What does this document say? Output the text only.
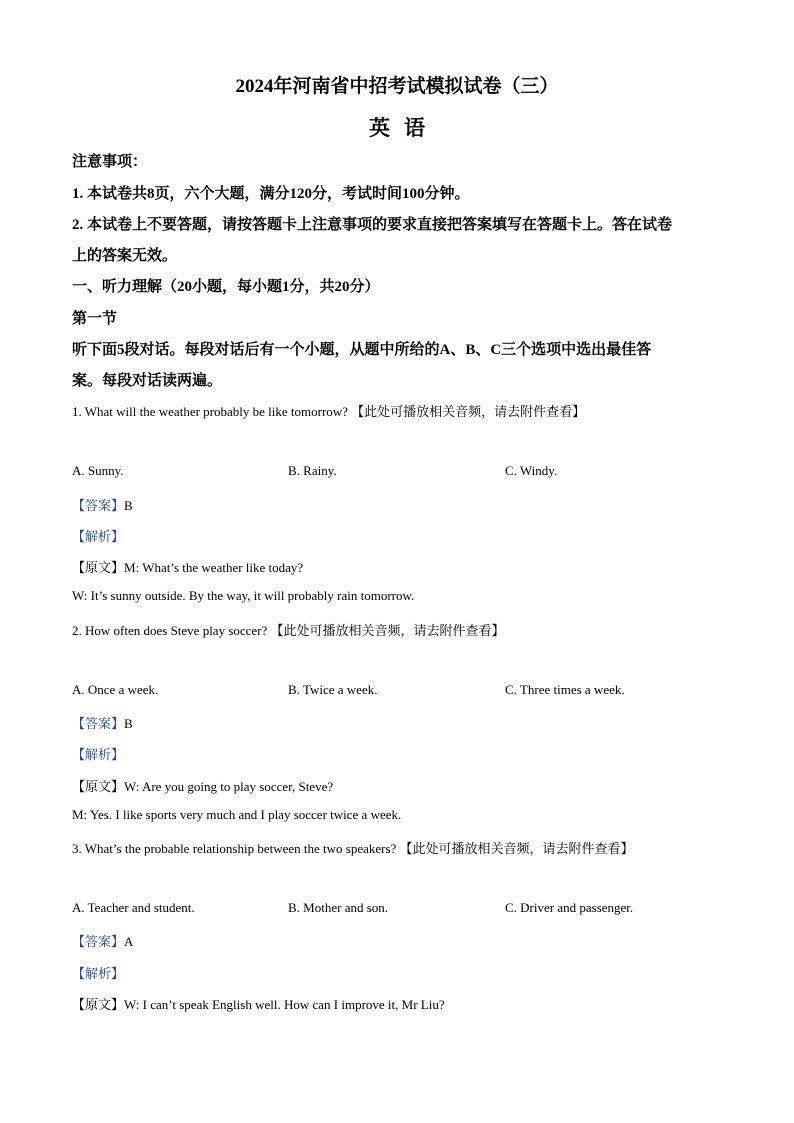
2024年河南省中招考试模拟试卷（三）
英语
注意事项：
1. 本试卷共8页，六个大题，满分120分，考试时间100分钟。
2. 本试卷上不要答题，请按答题卡上注意事项的要求直接把答案填写在答题卡上。答在试卷
上的答案无效。
一、听力理解（20小题，每小题1分，共20分）
第一节
听下面5段对话。每段对话后有一个小题，从题中所给的A、B、C三个选项中选出最佳答
案。每段对话读两遍。
1. What will the weather probably be like tomorrow? 【此处可播放相关音频，请去附件查看】
A. Sunny.	B. Rainy.	C. Windy.
【答案】B
【解析】
【原文】M: What’s the weather like today?
W: It’s sunny outside. By the way, it will probably rain tomorrow.
2. How often does Steve play soccer? 【此处可播放相关音频，请去附件查看】
A. Once a week.	B. Twice a week.	C. Three times a week.
【答案】B
【解析】
【原文】W: Are you going to play soccer, Steve?
M: Yes. I like sports very much and I play soccer twice a week.
3. What’s the probable relationship between the two speakers? 【此处可播放相关音频，请去附件查看】
A. Teacher and student.	B. Mother and son.	C. Driver and passenger.
【答案】A
【解析】
【原文】W: I can’t speak English well. How can I improve it, Mr Liu?
